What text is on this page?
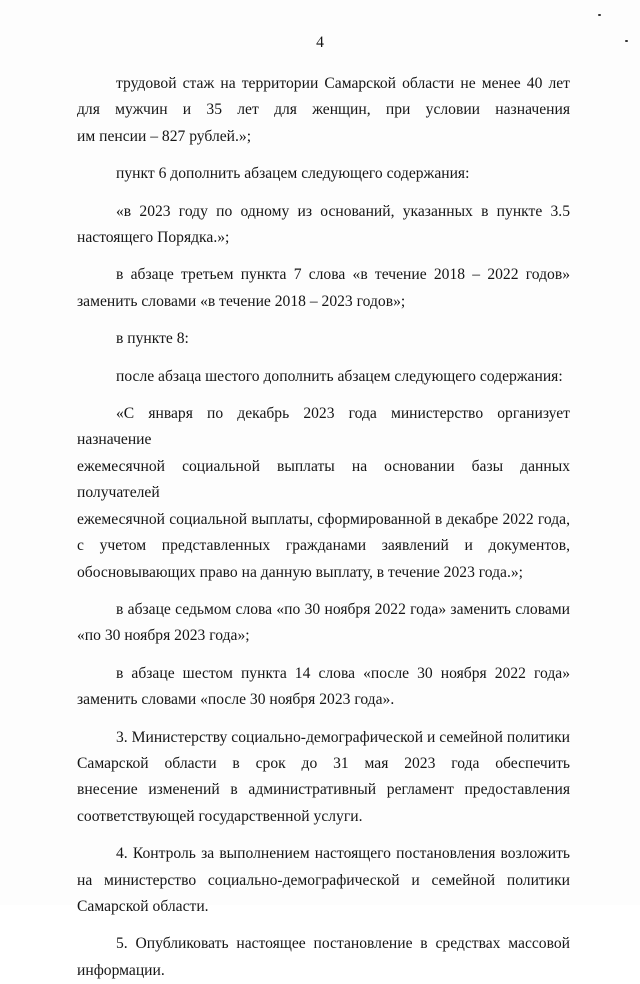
4

трудовой стаж на территории Самарской области не менее 40 лет
для мужчин и 35 лет для женщин, при условии назначения
им пенсии – 827 рублей.»;

пункт 6 дополнить абзацем следующего содержания:

«в 2023 году по одному из оснований, указанных в пункте 3.5
настоящего Порядка.»;

в абзаце третьем пункта 7 слова «в течение 2018 – 2022 годов»
заменить словами «в течение 2018 – 2023 годов»;

в пункте 8:

после абзаца шестого дополнить абзацем следующего содержания:

«С января по декабрь 2023 года министерство организует назначение
ежемесячной социальной выплаты на основании базы данных получателей
ежемесячной социальной выплаты, сформированной в декабре 2022 года,
с учетом представленных гражданами заявлений и документов,
обосновывающих право на данную выплату, в течение 2023 года.»;

в абзаце седьмом слова «по 30 ноября 2022 года» заменить словами
«по 30 ноября 2023 года»;

в абзаце шестом пункта 14 слова «после 30 ноября 2022 года»
заменить словами «после 30 ноября 2023 года».

3. Министерству социально-демографической и семейной политики
Самарской области в срок до 31 мая 2023 года обеспечить
внесение изменений в административный регламент предоставления
соответствующей государственной услуги.

4. Контроль за выполнением настоящего постановления возложить
на министерство социально-демографической и семейной политики
Самарской области.

5. Опубликовать настоящее постановление в средствах массовой
информации.
